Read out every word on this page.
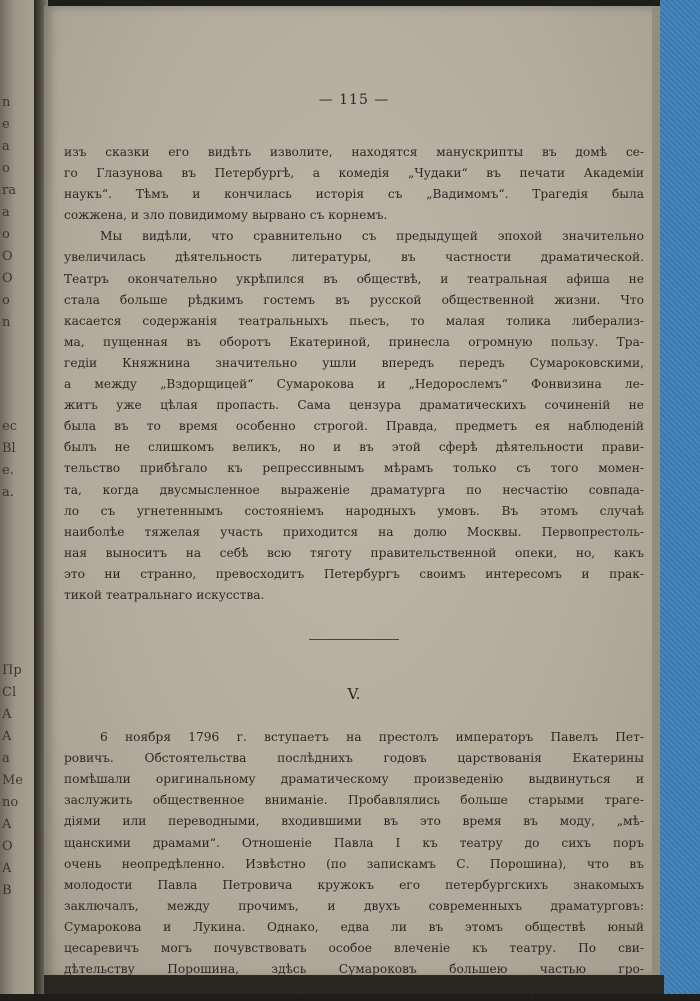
n
e
a
o
ra
a
o
O
O
o
n
ec
Bl
e.
a.
Пр
Cl
A
A
a
Me
no
A
O
A
B
— 115 —
изъ сказки его видѣть изволите, находятся манускрипты въ домѣ се-
го Глазунова въ Петербургѣ, а комедія „Чудаки“ въ печати Академіи
наукъ“. Тѣмъ и кончилась исторія съ „Вадимомъ“. Трагедія была
сожжена, и зло повидимому вырвано съ корнемъ.
Мы видѣли, что сравнительно съ предыдущей эпохой значительно
увеличилась дѣятельность литературы, въ частности драматической.
Театръ окончательно укрѣпился въ обществѣ, и театральная афиша не
стала больше рѣдкимъ гостемъ въ русской общественной жизни. Что
касается содержанія театральныхъ пьесъ, то малая толика либерализ-
ма, пущенная въ оборотъ Екатериной, принесла огромную пользу. Тра-
гедіи Княжнина значительно ушли впередъ передъ Сумароковскими,
а между „Вздорщицей“ Сумарокова и „Недорослемъ“ Фонвизина ле-
житъ уже цѣлая пропасть. Сама цензура драматическихъ сочиненій не
была въ то время особенно строгой. Правда, предметъ ея наблюденій
былъ не слишкомъ великъ, но и въ этой сферѣ дѣятельности прави-
тельство прибѣгало къ репрессивнымъ мѣрамъ только съ того момен-
та, когда двусмысленное выраженіе драматурга по несчастію совпада-
ло съ угнетеннымъ состояніемъ народныхъ умовъ. Въ этомъ случаѣ
наиболѣе тяжелая участь приходится на долю Москвы. Первопрестоль-
ная выноситъ на себѣ всю тяготу правительственной опеки, но, какъ
это ни странно, превосходитъ Петербургъ своимъ интересомъ и прак-
тикой театральнаго искусства.
V.
6 ноября 1796 г. вступаетъ на престолъ императоръ Павелъ Пет-
ровичъ. Обстоятельства послѣднихъ годовъ царствованія Екатерины
помѣшали оригинальному драматическому произведенію выдвинуться и
заслужить общественное вниманіе. Пробавлялись больше старыми траге-
діями или переводными, входившими въ это время въ моду, „мѣ-
щанскими драмами“. Отношеніе Павла I къ театру до сихъ поръ
очень неопредѣленно. Извѣстно (по запискамъ С. Порошина), что въ
молодости Павла Петровича кружокъ его петербургскихъ знакомыхъ
заключалъ, между прочимъ, и двухъ современныхъ драматурговъ:
Сумарокова и Лукина. Однако, едва ли въ этомъ обществѣ юный
цесаревичъ могъ почувствовать особое влеченіе къ театру. По сви-
дѣтельству Порошина, здѣсь Сумароковъ большею частью гро-
милъ ненавистныхъ ему подьячихъ и самъ былъ натравливаемъ на
